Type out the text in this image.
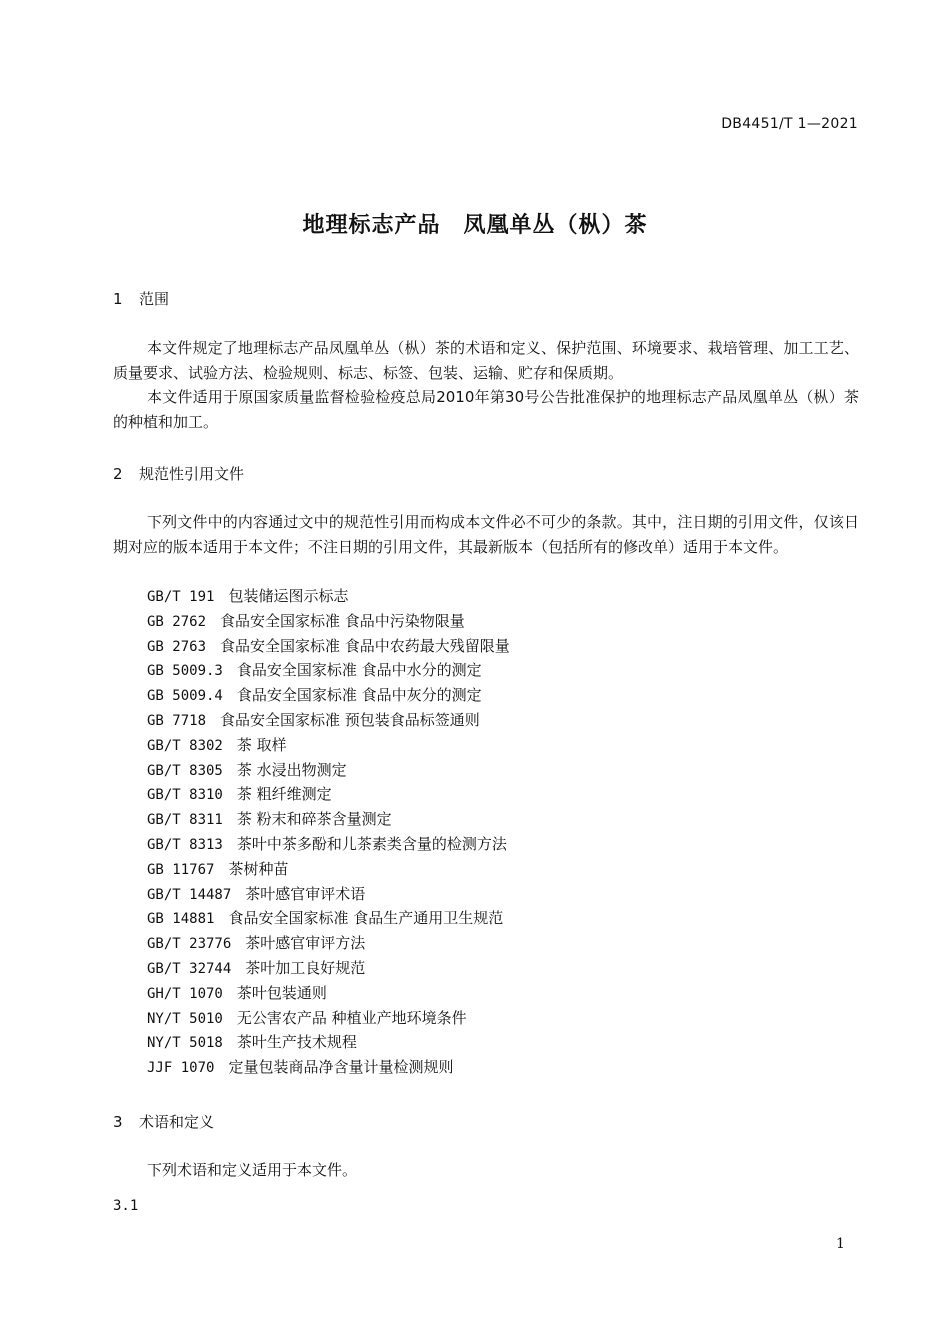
DB4451/T 1—2021
地理标志产品　凤凰单丛（枞）茶
1 范围
本文件规定了地理标志产品凤凰单丛（枞）茶的术语和定义、保护范围、环境要求、栽培管理、加工工艺、质量要求、试验方法、检验规则、标志、标签、包装、运输、贮存和保质期。
本文件适用于原国家质量监督检验检疫总局2010年第30号公告批准保护的地理标志产品凤凰单丛（枞）茶的种植和加工。
2 规范性引用文件
下列文件中的内容通过文中的规范性引用而构成本文件必不可少的条款。其中，注日期的引用文件，仅该日期对应的版本适用于本文件；不注日期的引用文件，其最新版本（包括所有的修改单）适用于本文件。
GB/T 191 包装储运图示标志
GB 2762 食品安全国家标准 食品中污染物限量
GB 2763 食品安全国家标准 食品中农药最大残留限量
GB 5009.3 食品安全国家标准 食品中水分的测定
GB 5009.4 食品安全国家标准 食品中灰分的测定
GB 7718 食品安全国家标准 预包装食品标签通则
GB/T 8302 茶 取样
GB/T 8305 茶 水浸出物测定
GB/T 8310 茶 粗纤维测定
GB/T 8311 茶 粉末和碎茶含量测定
GB/T 8313 茶叶中茶多酚和儿茶素类含量的检测方法
GB 11767 茶树种苗
GB/T 14487 茶叶感官审评术语
GB 14881 食品安全国家标准 食品生产通用卫生规范
GB/T 23776 茶叶感官审评方法
GB/T 32744 茶叶加工良好规范
GH/T 1070 茶叶包装通则
NY/T 5010 无公害农产品 种植业产地环境条件
NY/T 5018 茶叶生产技术规程
JJF 1070 定量包装商品净含量计量检测规则
3 术语和定义
下列术语和定义适用于本文件。
3.1
1
